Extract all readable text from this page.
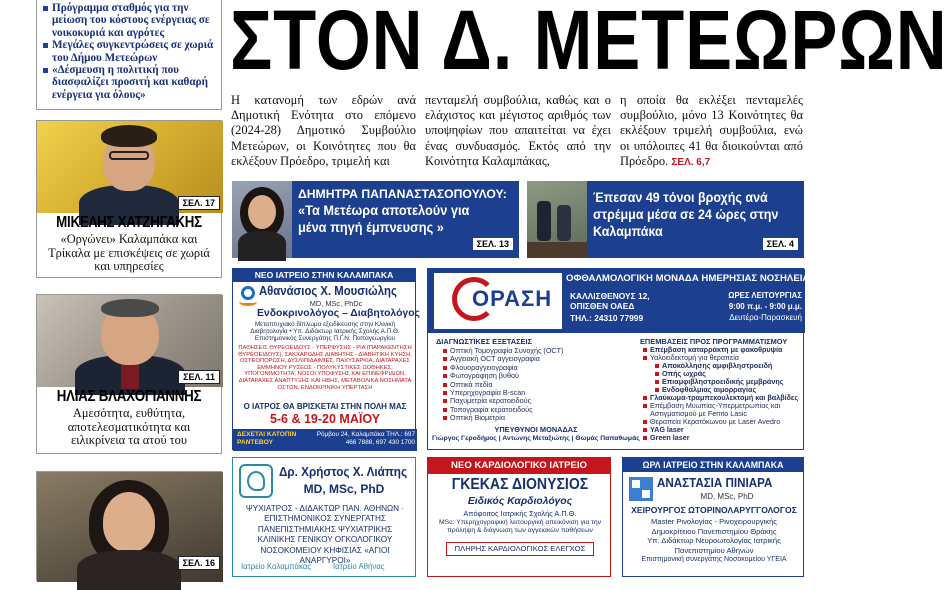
Πρόγραμμα σταθμός για την μείωση του κόστους ενέργειας σε νοικοκυριά και αγρότες
Μεγάλες συγκεντρώσεις σε χωριά του Δήμου Μετεώρων
«Δέσμευση η πολιτική που διασφαλίζει προσιτή και καθαρή ενέργεια για όλους»
ΣΕΛ. 17
ΜΙΚΕΛΗΣ ΧΑΤΖΗΓΑΚΗΣ
«Οργώνει» Καλαμπάκα και Τρίκαλα με επισκέψεις σε χωριά και υπηρεσίες
ΣΕΛ. 11
ΗΛΙΑΣ ΒΛΑΧΟΓΙΑΝΝΗΣ
Αμεσότητα, ευθύτητα, αποτελεσματικότητα και ειλικρίνεια τα ατού του
ΣΕΛ. 16
ΣΤΟΝ Δ. ΜΕΤΕΩΡΩΝ
Η κατανομή των εδρών ανά Δημοτική Ενότητα στο επόμενο (2024-28) Δημοτικό Συμβούλιο Μετεώρων, οι Κοινότητες που θα εκλέξουν Πρόεδρο, τριμελή και
πενταμελή συμβούλια, καθώς και ο ελάχιστος και μέγιστος αριθμός των υποψηφίων που απαιτείται να έχει ένας συνδυασμός. Εκτός από την Κοινότητα Καλαμπάκας,
η οποία θα εκλέξει πενταμελές συμβούλιο, μόνο 13 Κοινότητες θα εκλέξουν τριμελή συμβούλια, ενώ οι υπόλοιπες 41 θα διοικούνται από Πρόεδρο. ΣΕΛ. 6,7
ΔΗΜΗΤΡΑ ΠΑΠΑΝΑΣΤΑΣΟΠΟΥΛΟΥ:
«Τα Μετέωρα αποτελούν για μένα πηγή έμπνευσης »
ΣΕΛ. 13
Έπεσαν 49 τόνοι βροχής ανά στρέμμα μέσα σε 24 ώρες στην Καλαμπάκα
ΣΕΛ. 4
ΝΕΟ ΙΑΤΡΕΙΟ ΣΤΗΝ ΚΑΛΑΜΠΑΚΑ
Αθανάσιος Χ. Μουσιώλης
MD, MSc, PhDc
Ενδοκρινολόγος – Διαβητολόγος
Μεταπτυχιακό δίπλωμα εξειδίκευσης στην Κλινική Διαβητολογία • Υπ. Διδάκτωρ Ιατρικής Σχολής Α.Π.Θ. Επιστημονικός Συνεργάτης Π.Γ.Ν. Παπαγεωργίου
ΠΑΘΗΣΕΙΣ ΘΥΡΕΟΕΙΔΟΥΣ - ΥΠΕΡΦΥΣΗΣ - ΡΙΑ (ΠΑΡΑΚΕΝΤΗΣΗ ΘΥΡΕΟΕΙΔΟΥΣ), ΣΑΚΧΑΡΩΔΗΣ ΔΙΑΒΗΤΗΣ - ΔΙΑΒΗΤΙΚΗ ΚΥΗΣΗ, ΟΣΤΕΟΠΟΡΩΣΗ, ΔΥΣΛΙΠΙΔΑΙΜΙΕΣ, ΠΑΧΥΣΑΡΚΙΑ, ΔΙΑΤΑΡΑΧΕΣ ΕΜΜΗΝΟΥ ΡΥΣΕΩΣ - ΠΟΛΥΚΥΣΤΙΚΕΣ ΩΟΘΗΚΕΣ, ΥΠΟΓΟΝΙΜΟΤΗΤΑ, ΝΟΣΟΙ ΥΠΟΦΥΣΗΣ ΚΑΙ ΕΠΙΝΕΦΡΙΔΙΩΝ, ΔΙΑΤΑΡΑΧΕΣ ΑΝΑΠΤΥΞΗΣ ΚΑΙ ΗΒΗΣ, ΜΕΤΑΒΟΛΙΚΑ ΝΟΣΗΜΑΤΑ ΟΣΤΩΝ, ΕΝΔΟΚΡΙΝΙΚΗ ΥΠΕΡΤΑΣΗ
Ο ΙΑΤΡΟΣ ΘΑ ΒΡΙΣΚΕΤΑΙ ΣΤΗΝ ΠΟΛΗ ΜΑΣ
5-6 & 19-20 ΜΑΪΟΥ
ΔΕΧΕΤΑΙ ΚΑΤΟΠΙΝ ΡΑΝΤΕΒΟΥ
Ρόμβου 24, Καλαμπάκα ΤΗΛ.: 697 466 7888, 697 430 1700
ΟΡΑΣΗ
ΟΦΘΑΛΜΟΛΟΓΙΚΗ ΜΟΝΑΔΑ ΗΜΕΡΗΣΙΑΣ ΝΟΣΗΛΕΙΑΣ
ΚΑΛΛΙΣΘΕΝΟΥΣ 12, ΟΠΙΣΘΕΝ ΟΑΕΔ
ΤΗΛ.: 24310 77999
ΩΡΕΣ ΛΕΙΤΟΥΡΓΙΑΣ
9:00 π.μ. - 9:00 μ.μ.
Δευτέρα-Παρασκευή
ΔΙΑΓΝΩΣΤΙΚΕΣ ΕΞΕΤΑΣΕΙΣ
Οπτική Τομογραφία Συνοχής (OCT)
Αγγειακή OCT αγγειογραφία
Φλουοραγγειογραφία
Φωτογράφηση βυθού
Οπτικά πεδία
Υπερηχογραφία B-scan
Παχυμετρία κερατοειδούς
Τοπογραφία κερατοειδούς
Οπτική Βιομετρία
ΕΠΕΜΒΑΣΕΙΣ ΠΡΟΣ ΠΡΟΓΡΑΜΜΑΤΙΣΜΟΥ
Επέμβαση καταρράκτη με φακοθρυψία
Υαλοειδεκτομή για θεραπεία
Αποκόλλησης αμφιβληστροειδή
Οπής ωχράς
Επιαμφιβληστροειδικής μεμβράνης
Ενδοφθάλμιας αιμορραγίας
Γλαύκωμα-τραμπεκουλεκτομή και βαλβίδες
Επέμβαση Μυωπίας-Υπερμετρωπίας και Αστιγματισμού με Femto Lasic
Θεραπεία Κερατόκωνου με Laser Avedro
YAG laser
Green laser
ΥΠΕΥΘΥΝΟΙ ΜΟΝΑΔΑΣ
Γιώργος Γεροδήμος | Αντώνης Μεταξιώτης | Θωμάς Παπαθωμάς
Δρ. Χρήστος Χ. Λιάπης
MD, MSc, PhD
ΨΥΧΙΑΤΡΟΣ - ΔΙΔΑΚΤΩΡ ΠΑΝ. ΑΘΗΝΩΝ · ΕΠΙΣΤΗΜΟΝΙΚΟΣ ΣΥΝΕΡΓΑΤΗΣ ΠΑΝΕΠΙΣΤΗΜΙΑΚΗΣ ΨΥΧΙΑΤΡΙΚΗΣ ΚΛΙΝΙΚΗΣ ΓΕΝΙΚΟΥ ΟΓΚΟΛΟΓΙΚΟΥ ΝΟΣΟΚΟΜΕΙΟΥ ΚΗΦΙΣΙΑΣ «ΑΓΙΟΙ ΑΝΑΡΓΥΡΟΙ»
Ιατρείο Καλαμπάκας	Ιατρείο Αθήνας
ΝΕΟ ΚΑΡΔΙΟΛΟΓΙΚΟ ΙΑΤΡΕΙΟ
ΓΚΕΚΑΣ ΔΙΟΝΥΣΙΟΣ
Ειδικός Καρδιολόγος
Απόφοιτος Ιατρικής Σχολής Α.Π.Θ.
MSc: Υπερηχογραφική λειτουργική απεικόνιση για την πρόληψη & διάγνωση των αγγειακών παθήσεων
ΠΛΗΡΗΣ ΚΑΡΔΙΟΛΟΓΙΚΟΣ ΕΛΕΓΧΟΣ
ΩΡΛ ΙΑΤΡΕΙΟ ΣΤΗΝ ΚΑΛΑΜΠΑΚΑ
ΑΝΑΣΤΑΣΙΑ ΠΙΝΙΑΡΑ
MD, MSc, PhD
ΧΕΙΡΟΥΡΓΟΣ ΩΤΟΡΙΝΟΛΑΡΥΓΓΟΛΟΓΟΣ
Master Ρινολογίας - Ρινοχειρουργικής
Δημοκρίτειου Πανεπιστημίου Θράκης
Υπ. Διδάκτωρ Νευροωτολογίας Ιατρικής
Πανεπιστημίου Αθηνών
Επιστημονική συνεργάτης Νοσοκομείου ΥΓΕΙΑ
